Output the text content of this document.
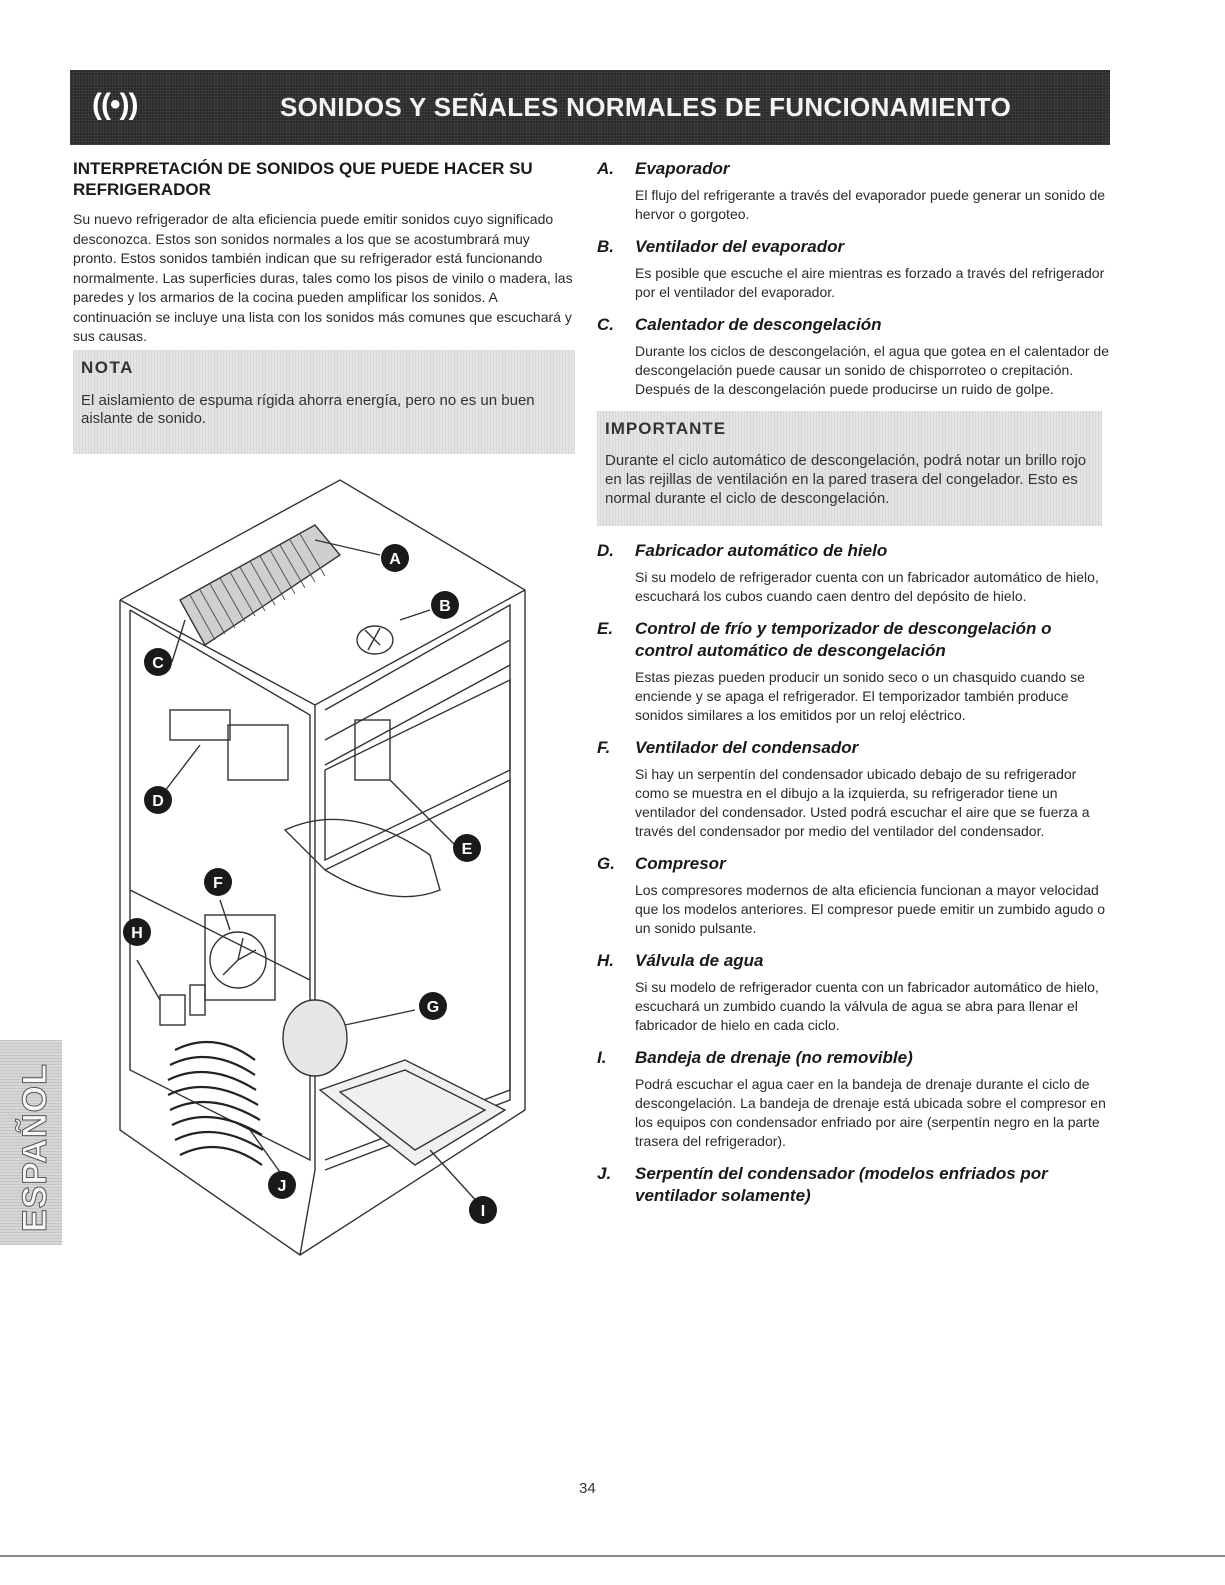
((•))	SONIDOS Y SEÑALES NORMALES DE FUNCIONAMIENTO
INTERPRETACIÓN DE SONIDOS QUE PUEDE HACER SU
REFRIGERADOR

Su nuevo refrigerador de alta eficiencia puede emitir sonidos cuyo significado desconozca. Estos son sonidos normales a los que se acostumbrará muy pronto. Estos sonidos también indican que su refrigerador está funcionando normalmente. Las superficies duras, tales como los pisos de vinilo o madera, las paredes y los armarios de la cocina pueden amplificar los sonidos. A continuación se incluye una lista con los sonidos más comunes que escuchará y sus causas.

NOTA
El aislamiento de espuma rígida ahorra energía, pero no es un buen aislante de sonido.
A
B
C
D
E
F
G
H
I
J
A.	Evaporador

El flujo del refrigerante a través del evaporador puede generar un sonido de hervor o gorgoteo.

B.	Ventilador del evaporador

Es posible que escuche el aire mientras es forzado a través del refrigerador por el ventilador del evaporador.

C.	Calentador de descongelación

Durante los ciclos de descongelación, el agua que gotea en el calentador de descongelación puede causar un sonido de chisporroteo o crepitación. Después de la descongelación puede producirse un ruido de golpe.

IMPORTANTE
Durante el ciclo automático de descongelación, podrá notar un brillo rojo en las rejillas de ventilación en la pared trasera del congelador. Esto es normal durante el ciclo de descongelación.
D.	Fabricador automático de hielo

Si su modelo de refrigerador cuenta con un fabricador automático de hielo, escuchará los cubos cuando caen dentro del depósito de hielo.

E.	Control de frío y temporizador de descongelación o control automático de descongelación

Estas piezas pueden producir un sonido seco o un chasquido cuando se enciende y se apaga el refrigerador. El temporizador también produce sonidos similares a los emitidos por un reloj eléctrico.

F.	Ventilador del condensador

Si hay un serpentín del condensador ubicado debajo de su refrigerador como se muestra en el dibujo a la izquierda, su refrigerador tiene un ventilador del condensador. Usted podrá escuchar el aire que se fuerza a través del condensador por medio del ventilador del condensador.

G.	Compresor

Los compresores modernos de alta eficiencia funcionan a mayor velocidad que los modelos anteriores. El compresor puede emitir un zumbido agudo o un sonido pulsante.

H.	Válvula de agua

Si su modelo de refrigerador cuenta con un fabricador automático de hielo, escuchará un zumbido cuando la válvula de agua se abra para llenar el fabricador de hielo en cada ciclo.

I.	Bandeja de drenaje (no removible)

Podrá escuchar el agua caer en la bandeja de drenaje durante el ciclo de descongelación. La bandeja de drenaje está ubicada sobre el compresor en los equipos con condensador enfriado por aire (serpentín negro en la parte trasera del refrigerador).

J.	Serpentín del condensador (modelos enfriados por ventilador solamente)
ESPAÑOL
34
